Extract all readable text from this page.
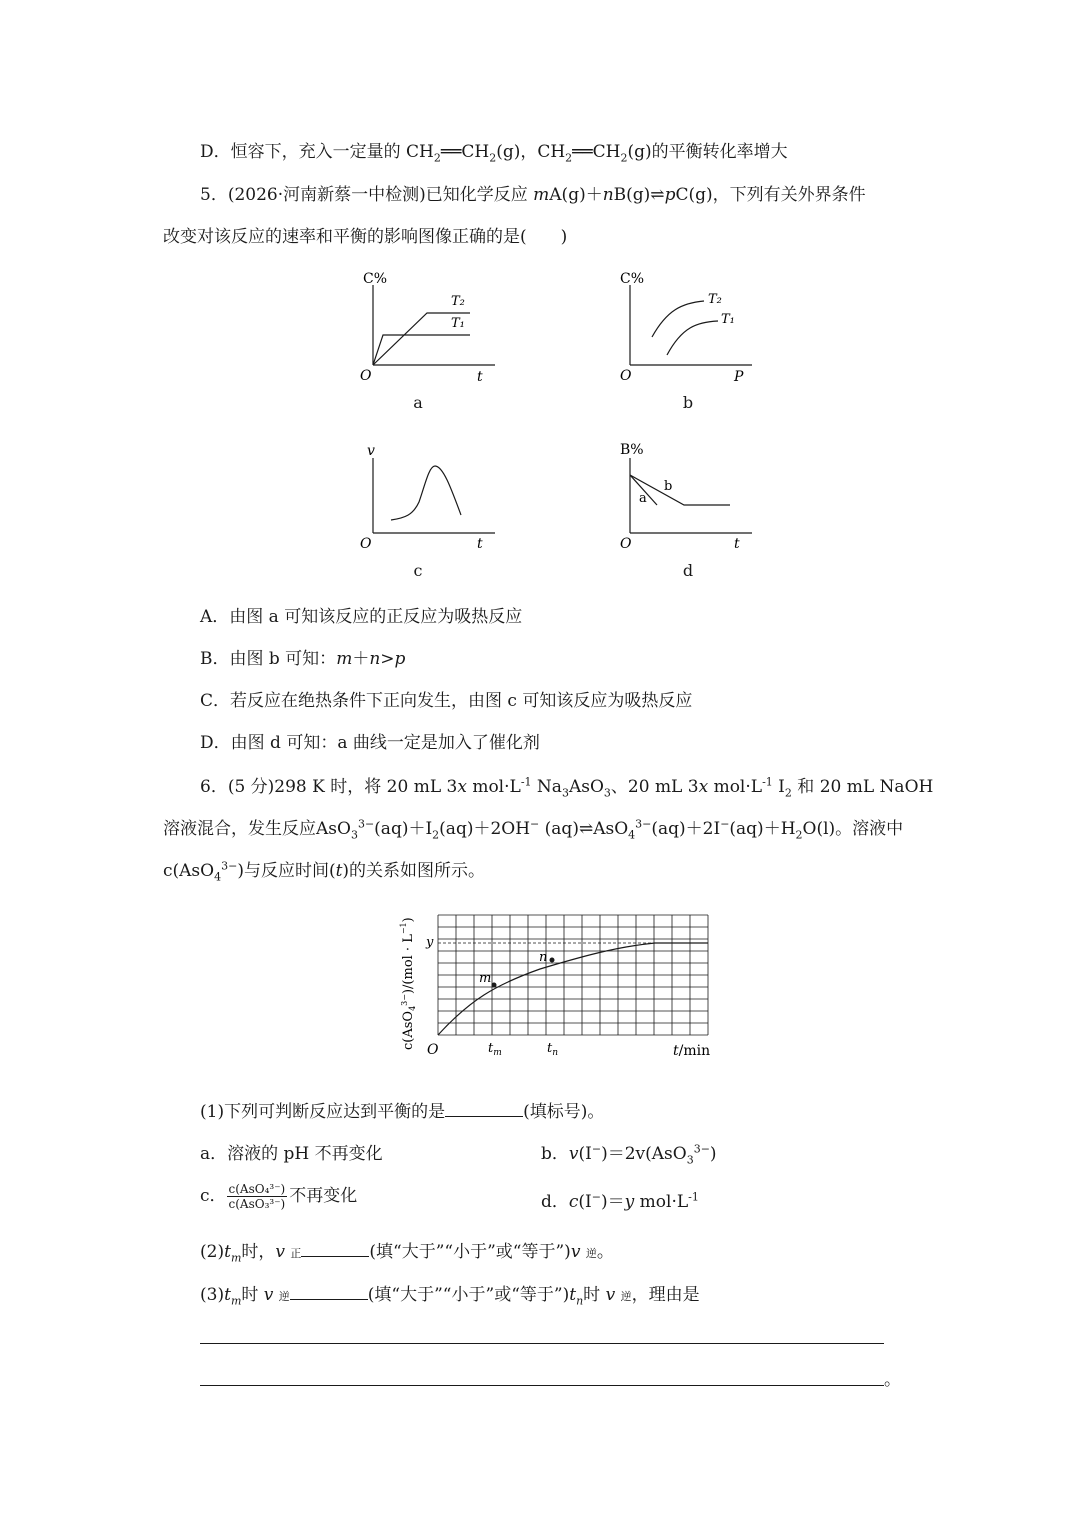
D．恒容下，充入一定量的 $CH_2══CH_2(g)$，$CH_2══CH_2(g)$的平衡转化率增大
5．(2026·河南新蔡一中检测)已知化学反应 mA(g)＋nB(g)⇌pC(g)，下列有关外界条件
改变对该反应的速率和平衡的影响图像正确的是(　　)
C%
O	t
T₂
T₁
a
C%
O	P
T₂
T₁
b
v
O	t
c
B%
O	t
a
b
d
A．由图 a 可知该反应的正反应为吸热反应
B．由图 b 可知：m＋n>p
C．若反应在绝热条件下正向发生，由图 c 可知该反应为吸热反应
D．由图 d 可知：a 曲线一定是加入了催化剂
6．(5 分)298 K 时，将 20 mL 3x $mol\cdot L^{-1}$ $Na_3AsO_3$、20 mL 3x $mol\cdot L^{-1}$ $I_2$ 和 20 mL NaOH
溶液混合，发生反应$AsO_3^{3-}(aq)+I_2(aq)+2OH^-$ $(aq)\rightleftharpoons AsO_4^{3-}(aq)+2I^-(aq)+H_2O(l)$。溶液中
c(AsO$_4^{3-}$)与反应时间(t)的关系如图所示。
y
O
m
n
$t_m$	$t_n$	t/min
$c(AsO_4^{3-})/(mol \cdot L^{-1})$
(1)下列可判断反应达到平衡的是	(填标号)。
a．溶液的 pH 不再变化	b．v(I−)＝2v(AsO$_3^{3-}$)
c． $\frac{\text{c(AsO₄³⁻)}}{\text{c(AsO₃³⁻)}}$ 不再变化	d．c(I−)＝y $mol\cdot L^{-1}$
$(2)t_m$时，v 正	(填“大于”“小于”或“等于”)v 逆。
$(3)t_m$时 v 逆	(填“大于”“小于”或“等于$”)t_n$时 v 逆，理由是
。
